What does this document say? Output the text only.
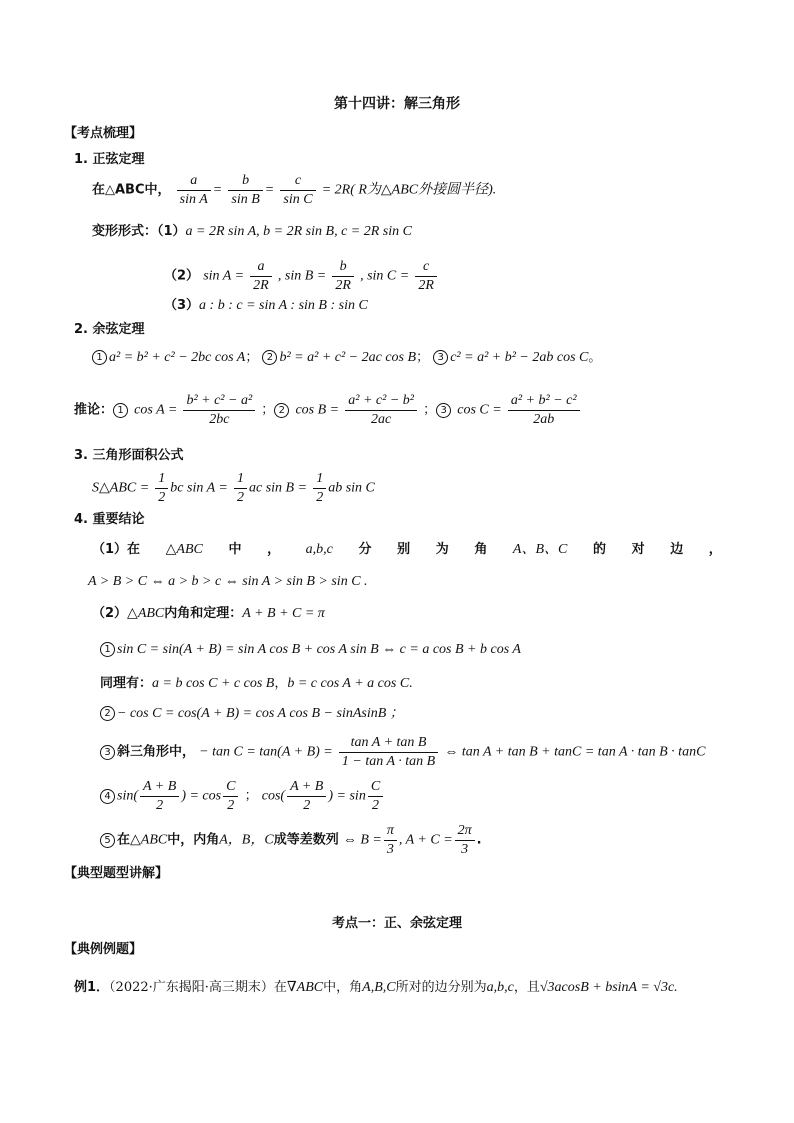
第十四讲：解三角形
【考点梳理】
1. 正弦定理
在△ABC中， $\frac{a}{\text{sin A}} = \frac{b}{\text{sin B}} = \frac{c}{\text{sin C}} = 2R$( R为△ABC外接圆半径).
变形形式：（1）a = 2R sin A, b = 2R sin B, c = 2R sin C
（2） $\sin A = \frac{a}{2R}$ , $\sin B = \frac{b}{2R}$ , $\sin C = \frac{c}{2R}$
（3）a : b : c = sin A : sin B : sin C
2. 余弦定理
1 a² = b² + c² − 2bc cos A； 2 b² = a² + c² − 2ac cos B； 3 c² = a² + b² − 2ab cos C。
推论： 1 $\cos A = \frac{\text{b² + c² − a²}}{2bc}$ ； 2 $\cos B = \frac{\text{a² + c² − b²}}{2ac}$ ； 3 $\cos C = \frac{\text{a² + b² − c²}}{2ab}$
3. 三角形面积公式
S△ABC = $\frac{1}{2}$ bc $\sin A = \frac{1}{2}$ ac $\sin B = \frac{1}{2}$ ab sin C
4. 重要结论
（1）在 △ABC 中 ， a,b,c 分 别 为 角 A、B、C 的 对 边 ，
A > B > C ⇔ a > b > c ⇔ sin A > sin B > sin C .
（2）△ABC内角和定理：A + B + C = π
1 sin C = sin(A + B) = sin A cos B + cos A sin B ⇔ c = a cos B + b cos A
同理有：a = b cos C + c cos B，b = c cos A + a cos C.
2 − cos C = cos(A + B) = cos A cos B − sinAsinB ；
3 斜三角形中， − $\tan C = \tan(A + B) = \frac{\text{tan A + tan B}}{\text{1 − tan A · tan B}}$ ⇔ tan A + tan B + tanC = tan A · tan B · tanC
4 $\sin( \frac{A + B}{2}$ ) = $\cos \frac{C}{2}$ ； $\cos( \frac{A + B}{2}$ ) = $\sin \frac{C}{2}$
5 在△ABC中，内角A，B，C成等差数列 ⇔ $B = \frac{\pi}{3}$ , $A + C = \frac{2\pi}{3}$ .
【典型题型讲解】
考点一：正、余弦定理
【典例例题】
例1．（2022·广东揭阳·高三期末）在∇ABC中，角A,B,C所对的边分别为a,b,c，且√3acosB + bsinA = √3c.
